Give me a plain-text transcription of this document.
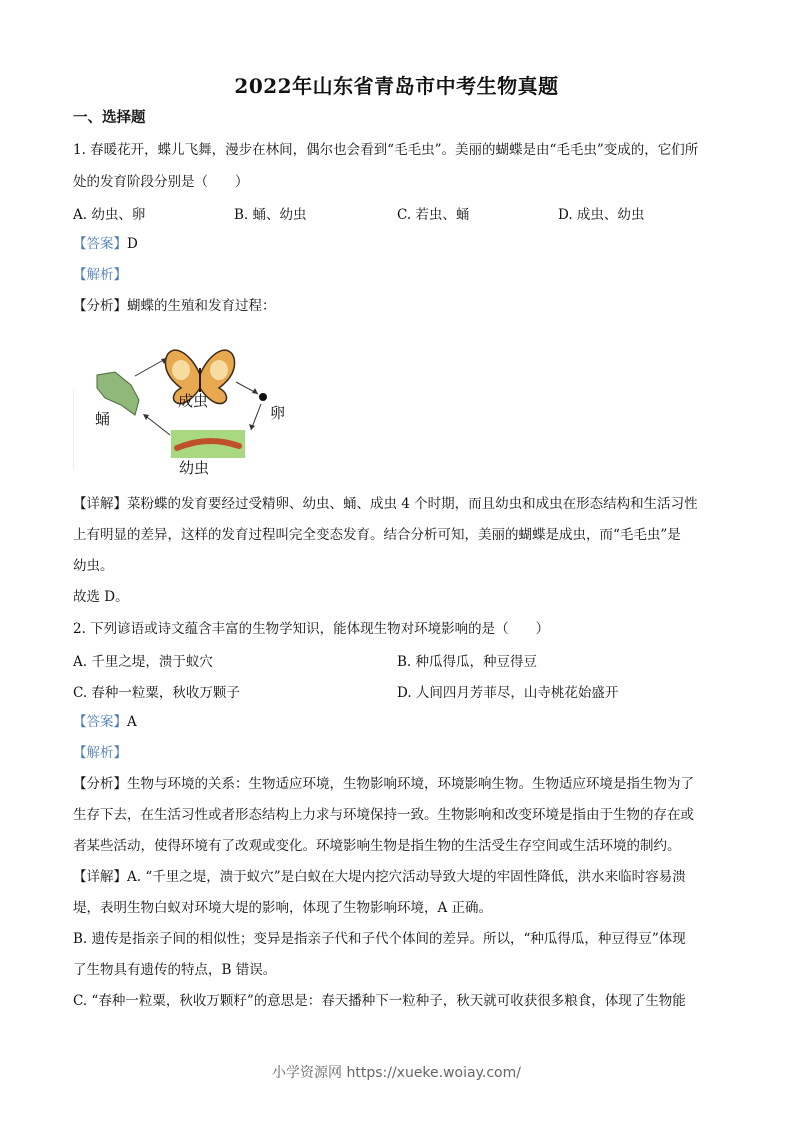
2022年山东省青岛市中考生物真题
一、选择题
1. 春暖花开，蝶儿飞舞，漫步在林间，偶尔也会看到“毛毛虫”。美丽的蝴蝶是由“毛毛虫”变成的，它们所
处的发育阶段分别是（　　）
A. 幼虫、卵	B. 蛹、幼虫	C. 若虫、蛹	D. 成虫、幼虫
【答案】D
【解析】
【分析】蝴蝶的生殖和发育过程：
成虫
卵
幼虫
蛹
【详解】菜粉蝶的发育要经过受精卵、幼虫、蛹、成虫 4 个时期，而且幼虫和成虫在形态结构和生活习性
上有明显的差异，这样的发育过程叫完全变态发育。结合分析可知，美丽的蝴蝶是成虫，而“毛毛虫”是
幼虫。
故选 D。
2. 下列谚语或诗文蕴含丰富的生物学知识，能体现生物对环境影响的是（　　）
A. 千里之堤，溃于蚁穴	B. 种瓜得瓜，种豆得豆
C. 春种一粒粟，秋收万颗子	D. 人间四月芳菲尽，山寺桃花始盛开
【答案】A
【解析】
【分析】生物与环境的关系：生物适应环境，生物影响环境，环境影响生物。生物适应环境是指生物为了
生存下去，在生活习性或者形态结构上力求与环境保持一致。生物影响和改变环境是指由于生物的存在或
者某些活动，使得环境有了改观或变化。环境影响生物是指生物的生活受生存空间或生活环境的制约。
【详解】A. “千里之堤，溃于蚁穴”是白蚁在大堤内挖穴活动导致大堤的牢固性降低，洪水来临时容易溃
堤，表明生物白蚁对环境大堤的影响，体现了生物影响环境，A 正确。
B. 遗传是指亲子间的相似性；变异是指亲子代和子代个体间的差异。所以，“种瓜得瓜，种豆得豆”体现
了生物具有遗传的特点，B 错误。
C. “春种一粒粟，秋收万颗籽”的意思是：春天播种下一粒种子，秋天就可收获很多粮食，体现了生物能
小学资源网 https://xueke.woiay.com/
